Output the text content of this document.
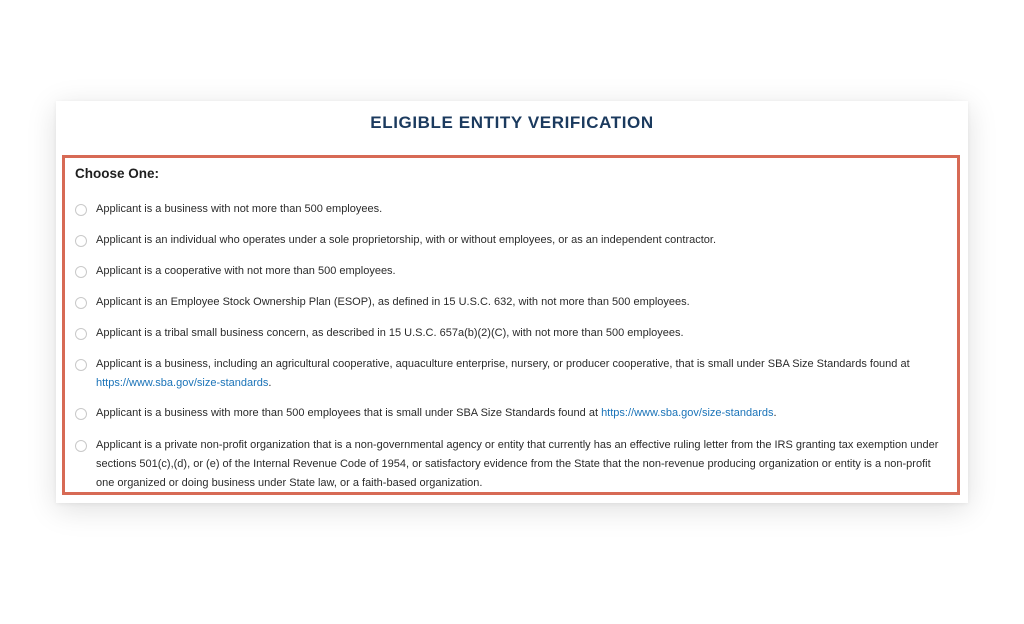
ELIGIBLE ENTITY VERIFICATION
Choose One:
Applicant is a business with not more than 500 employees.
Applicant is an individual who operates under a sole proprietorship, with or without employees, or as an independent contractor.
Applicant is a cooperative with not more than 500 employees.
Applicant is an Employee Stock Ownership Plan (ESOP), as defined in 15 U.S.C. 632, with not more than 500 employees.
Applicant is a tribal small business concern, as described in 15 U.S.C. 657a(b)(2)(C), with not more than 500 employees.
Applicant is a business, including an agricultural cooperative, aquaculture enterprise, nursery, or producer cooperative, that is small under SBA Size Standards found at https://www.sba.gov/size-standards.
Applicant is a business with more than 500 employees that is small under SBA Size Standards found at https://www.sba.gov/size-standards.
Applicant is a private non-profit organization that is a non-governmental agency or entity that currently has an effective ruling letter from the IRS granting tax exemption under sections 501(c),(d), or (e) of the Internal Revenue Code of 1954, or satisfactory evidence from the State that the non-revenue producing organization or entity is a non-profit one organized or doing business under State law, or a faith-based organization.
